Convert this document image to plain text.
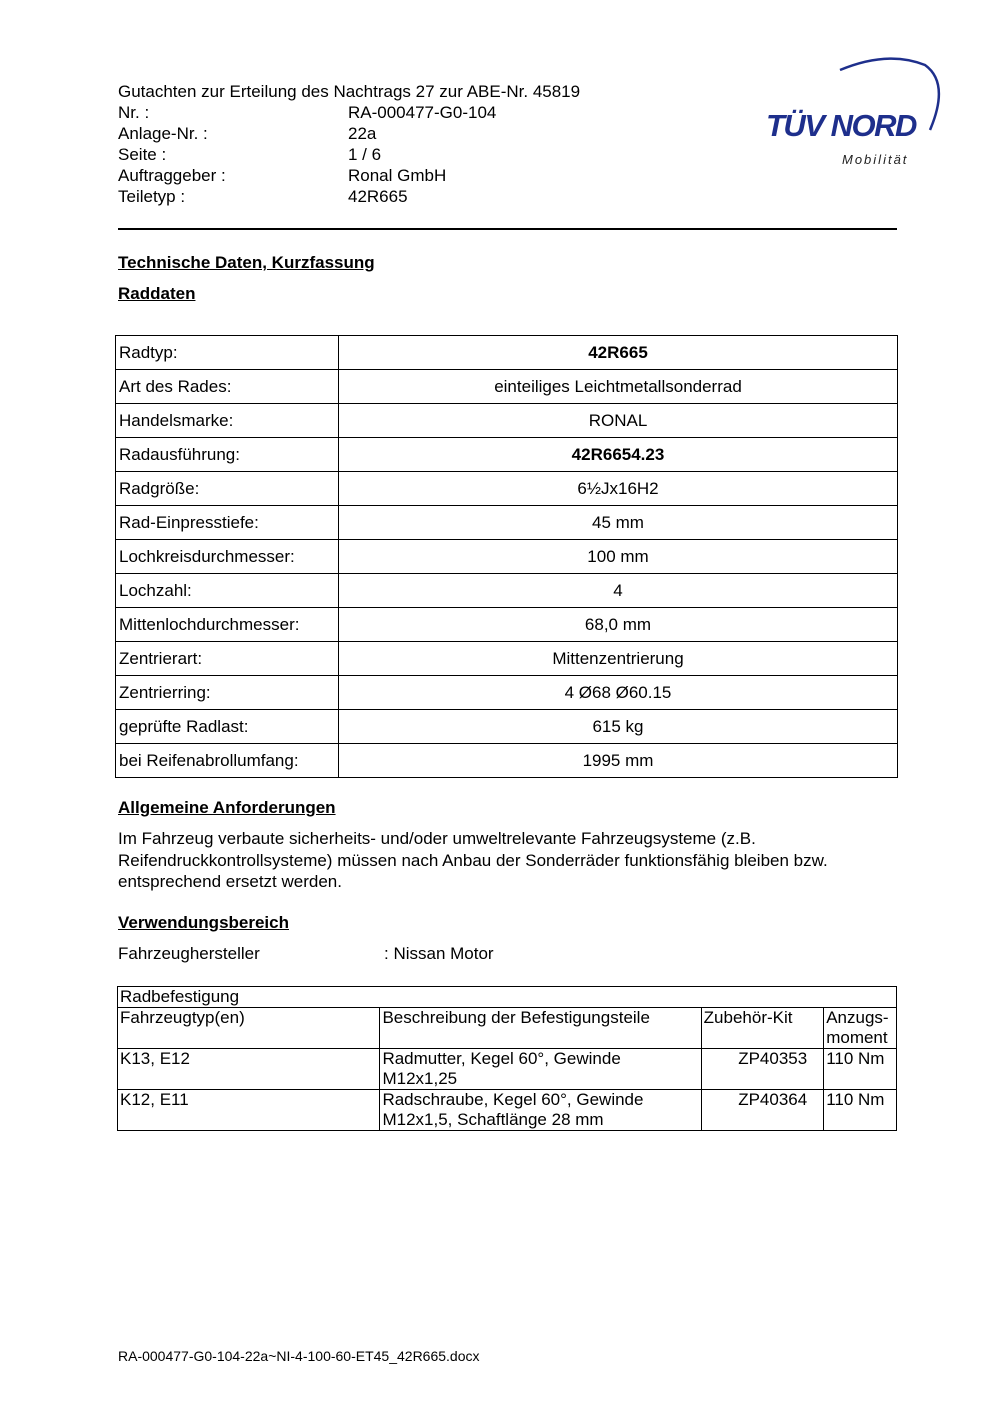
Gutachten zur Erteilung des Nachtrags 27 zur ABE-Nr. 45819
Nr. :	RA-000477-G0-104
Anlage-Nr. :	22a
Seite :	1 / 6
Auftraggeber :	Ronal GmbH
Teiletyp :	42R665
TÜV NORD
Mobilität
Technische Daten, Kurzfassung
Raddaten
Radtyp:	42R665
Art des Rades:	einteiliges Leichtmetallsonderrad
Handelsmarke:	RONAL
Radausführung:	42R6654.23
Radgröße:	6½Jx16H2
Rad-Einpresstiefe:	45 mm
Lochkreisdurchmesser:	100 mm
Lochzahl:	4
Mittenlochdurchmesser:	68,0 mm
Zentrierart:	Mittenzentrierung
Zentrierring:	4 Ø68 Ø60.15
geprüfte Radlast:	615 kg
bei Reifenabrollumfang:	1995 mm
Allgemeine Anforderungen
Im Fahrzeug verbaute sicherheits- und/oder umweltrelevante Fahrzeugsysteme (z.B. Reifendruckkontrollsysteme) müssen nach Anbau der Sonderräder funktionsfähig bleiben bzw. entsprechend ersetzt werden.
Verwendungsbereich
Fahrzeughersteller	: Nissan Motor
Radbefestigung			
Fahrzeugtyp(en)	Beschreibung der Befestigungsteile	Zubehör-Kit	Anzugs-
moment
K13, E12	Radmutter, Kegel 60°, Gewinde M12x1,25	ZP40353	110 Nm
K12, E11	Radschraube, Kegel 60°, Gewinde M12x1,5, Schaftlänge 28 mm	ZP40364	110 Nm
RA-000477-G0-104-22a~NI-4-100-60-ET45_42R665.docx
